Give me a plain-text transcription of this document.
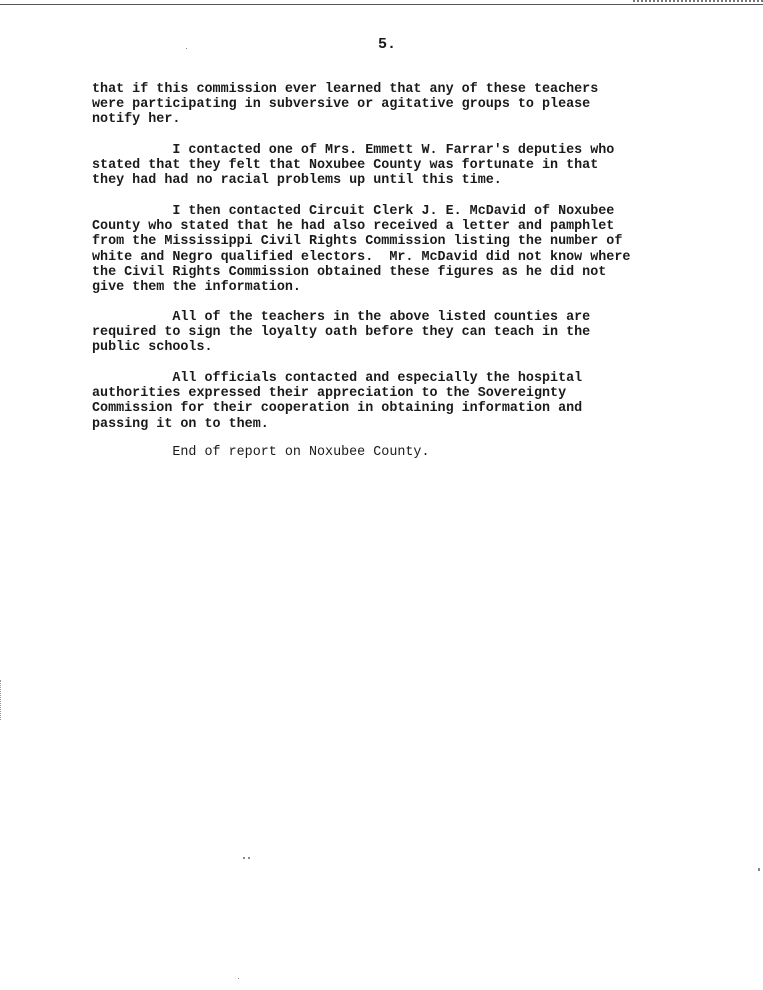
5.
that if this commission ever learned that any of these teachers
were participating in subversive or agitative groups to please
notify her.
I contacted one of Mrs. Emmett W. Farrar's deputies who
stated that they felt that Noxubee County was fortunate in that
they had had no racial problems up until this time.
I then contacted Circuit Clerk J. E. McDavid of Noxubee
County who stated that he had also received a letter and pamphlet
from the Mississippi Civil Rights Commission listing the number of
white and Negro qualified electors.  Mr. McDavid did not know where
the Civil Rights Commission obtained these figures as he did not
give them the information.
All of the teachers in the above listed counties are
required to sign the loyalty oath before they can teach in the
public schools.
All officials contacted and especially the hospital
authorities expressed their appreciation to the Sovereignty
Commission for their cooperation in obtaining information and
passing it on to them.
End of report on Noxubee County.
